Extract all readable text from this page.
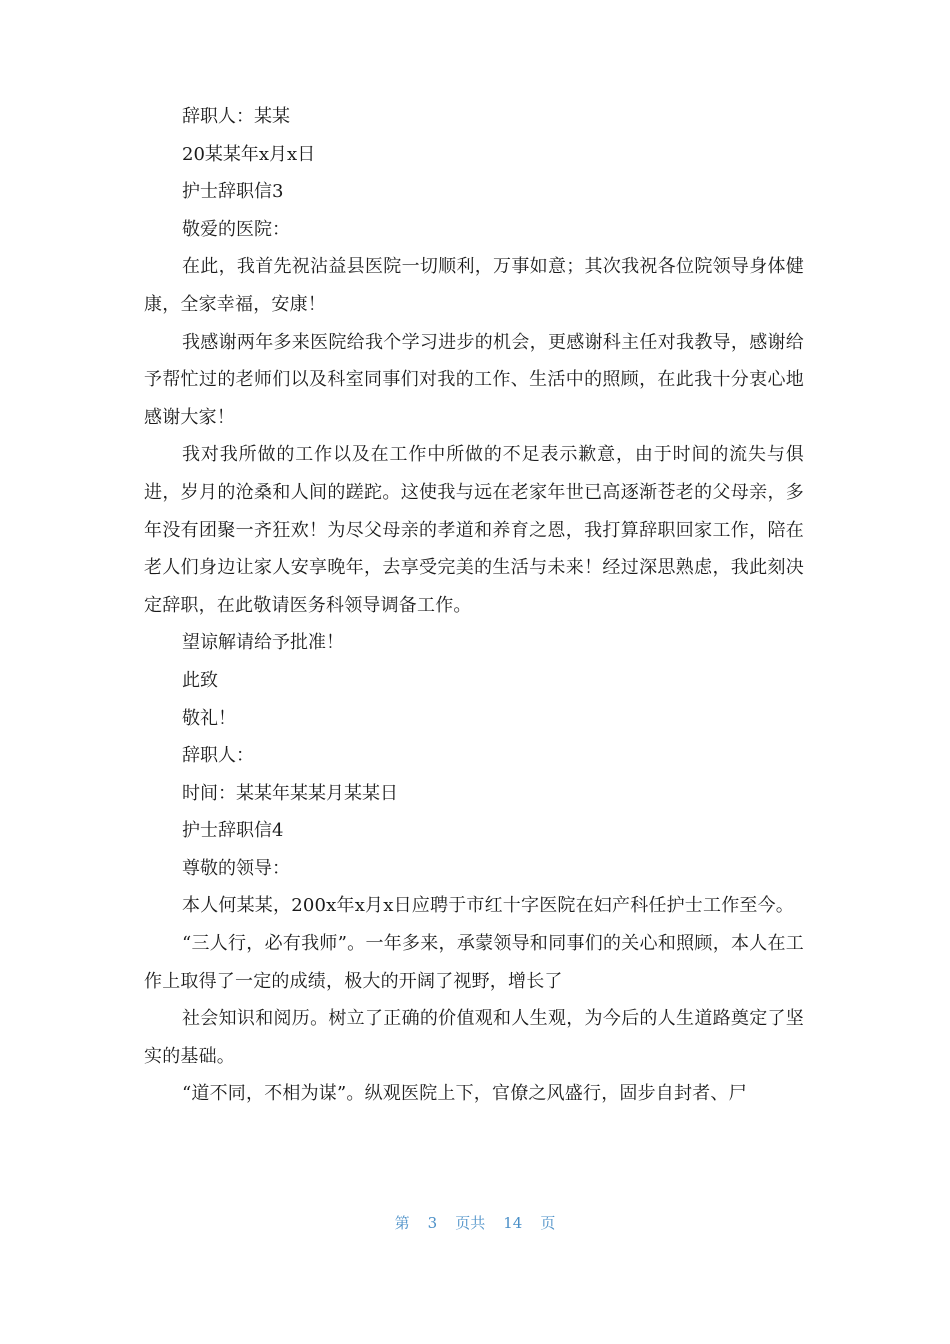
辞职人：某某

20某某年x月x日

护士辞职信3

敬爱的医院：

在此，我首先祝沾益县医院一切顺利，万事如意；其次我祝各位院领导身体健康，全家幸福，安康！

我感谢两年多来医院给我个学习进步的机会，更感谢科主任对我教导，感谢给予帮忙过的老师们以及科室同事们对我的工作、生活中的照顾，在此我十分衷心地感谢大家！

我对我所做的工作以及在工作中所做的不足表示歉意，由于时间的流失与俱进，岁月的沧桑和人间的蹉跎。这使我与远在老家年世已高逐渐苍老的父母亲，多年没有团聚一齐狂欢！为尽父母亲的孝道和养育之恩，我打算辞职回家工作，陪在老人们身边让家人安享晚年，去享受完美的生活与未来！经过深思熟虑，我此刻决定辞职，在此敬请医务科领导调备工作。

望谅解请给予批准！

此致

敬礼！

辞职人：

时间：某某年某某月某某日

护士辞职信4

尊敬的领导：

本人何某某，200x年x月x日应聘于市红十字医院在妇产科任护士工作至今。

“三人行，必有我师”。一年多来，承蒙领导和同事们的关心和照顾，本人在工作上取得了一定的成绩，极大的开阔了视野，增长了

社会知识和阅历。树立了正确的价值观和人生观，为今后的人生道路奠定了坚实的基础。

“道不同，不相为谋”。纵观医院上下，官僚之风盛行，固步自封者、尸

第 3 页共 14 页
